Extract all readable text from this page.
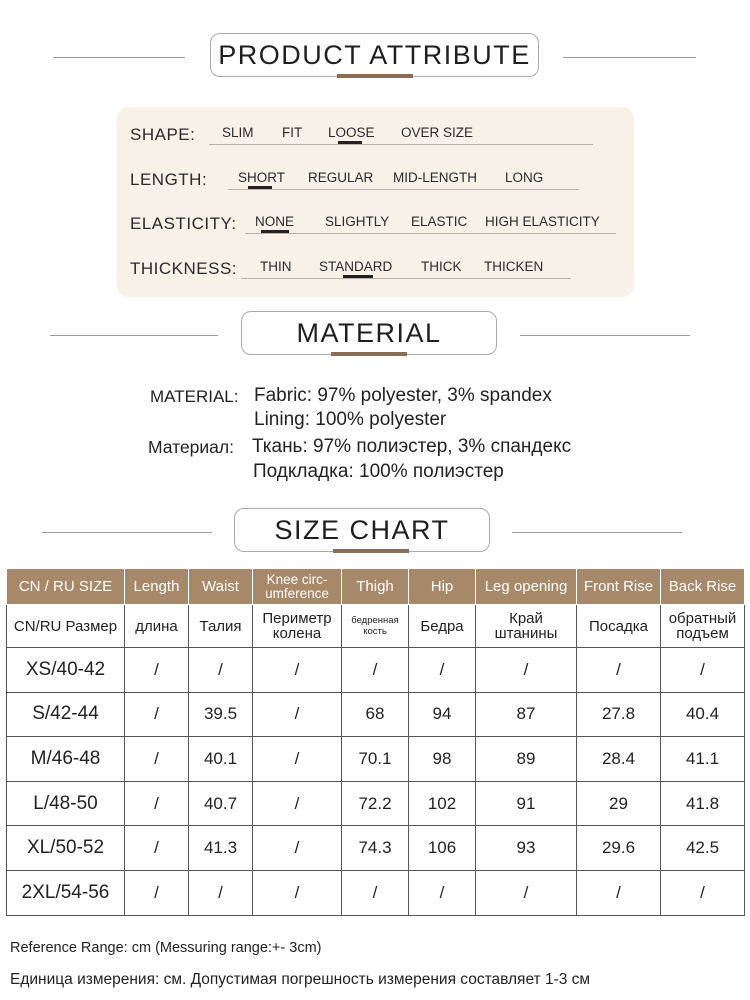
PRODUCT ATTRIBUTE
SHAPE: SLIM FIT LOOSE OVER SIZE
LENGTH: SHORT REGULAR MID-LENGTH LONG
ELASTICITY: NONE SLIGHTLY ELASTIC HIGH ELASTICITY
THICKNESS: THIN STANDARD THICK THICKEN
MATERIAL
MATERIAL: Fabric: 97% polyester, 3% spandex
Lining: 100% polyester
Материал: Ткань: 97% полиэстер, 3% спандекс
Подкладка: 100% полиэстер
SIZE CHART
CN / RU SIZE	Length	Waist	Knee circ-umference	Thigh	Hip	Leg opening	Front Rise	Back Rise
CN/RU Размер	длина	Талия	Периметр колена	бедренная кость	Бедра	Край штанины	Посадка	обратный подъем
XS/40-42	/	/	/	/	/	/	/	/
S/42-44	/	39.5	/	68	94	87	27.8	40.4
M/46-48	/	40.1	/	70.1	98	89	28.4	41.1
L/48-50	/	40.7	/	72.2	102	91	29	41.8
XL/50-52	/	41.3	/	74.3	106	93	29.6	42.5
2XL/54-56	/	/	/	/	/	/	/	/
Reference Range: cm (Messuring range:+- 3cm)
Единица измерения: см. Допустимая погрешность измерения составляет 1-3 см
